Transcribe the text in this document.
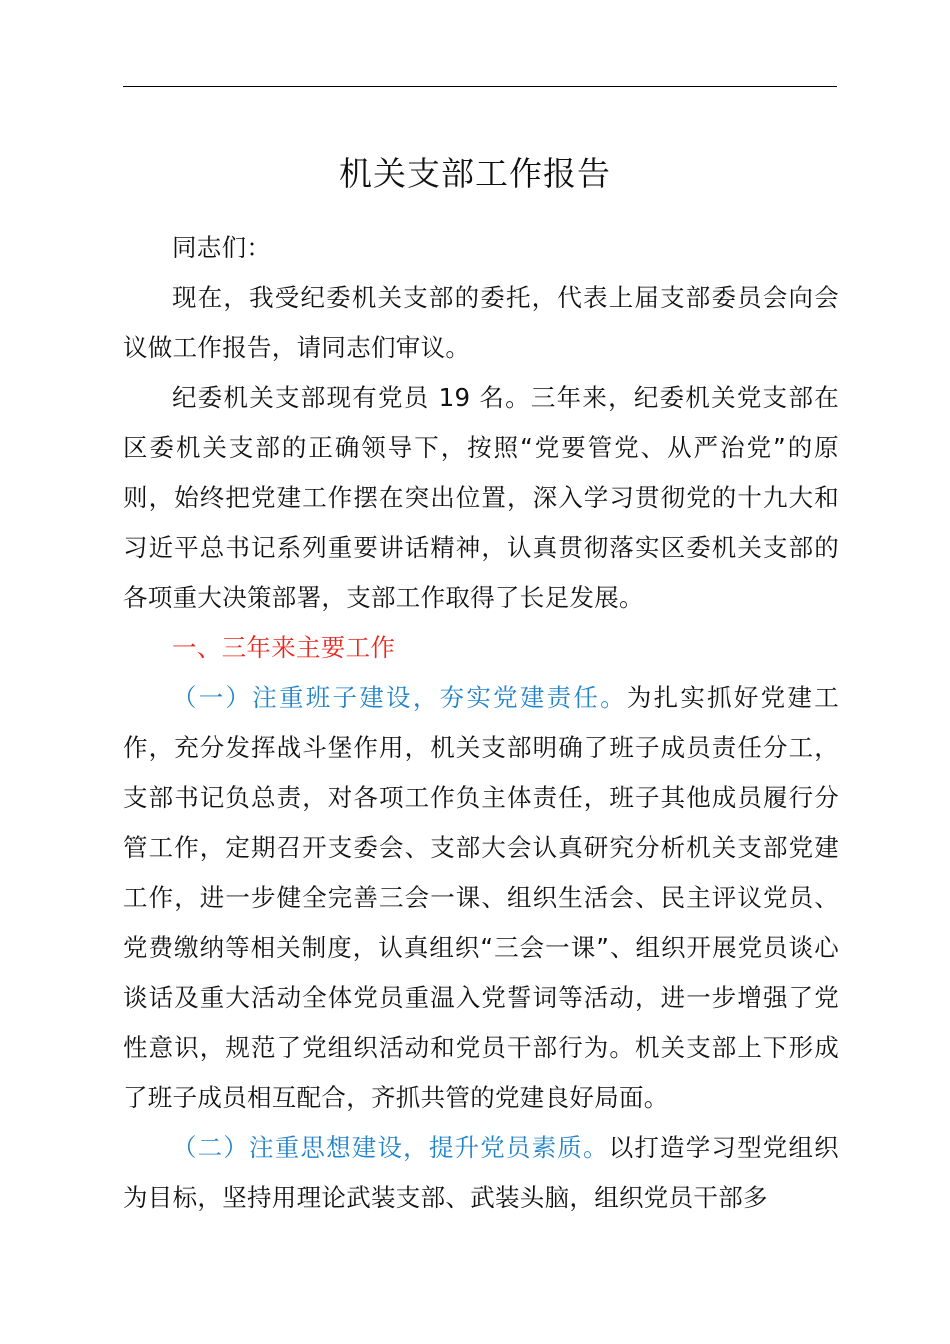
机关支部工作报告

同志们：

现在，我受纪委机关支部的委托，代表上届支部委员会向会议做工作报告，请同志们审议。

纪委机关支部现有党员 19 名。三年来，纪委机关党支部在区委机关支部的正确领导下，按照“党要管党、从严治党”的原则，始终把党建工作摆在突出位置，深入学习贯彻党的十九大和习近平总书记系列重要讲话精神，认真贯彻落实区委机关支部的各项重大决策部署，支部工作取得了长足发展。

一、三年来主要工作

（一）注重班子建设，夯实党建责任。为扎实抓好党建工作，充分发挥战斗堡作用，机关支部明确了班子成员责任分工，支部书记负总责，对各项工作负主体责任，班子其他成员履行分管工作，定期召开支委会、支部大会认真研究分析机关支部党建工作，进一步健全完善三会一课、组织生活会、民主评议党员、党费缴纳等相关制度，认真组织“三会一课”、组织开展党员谈心谈话及重大活动全体党员重温入党誓词等活动，进一步增强了党性意识，规范了党组织活动和党员干部行为。机关支部上下形成了班子成员相互配合，齐抓共管的党建良好局面。

（二）注重思想建设，提升党员素质。以打造学习型党组织为目标，坚持用理论武装支部、武装头脑，组织党员干部多
